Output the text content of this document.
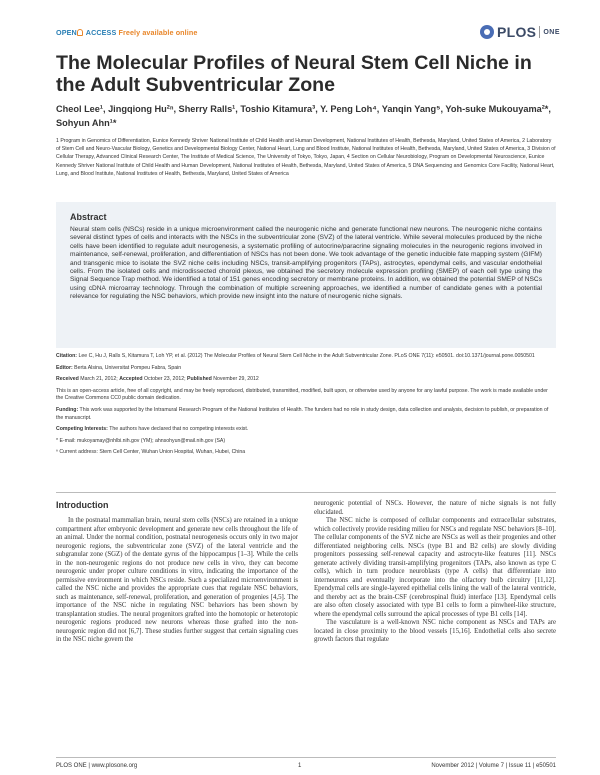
OPEN ACCESS Freely available online	PLOS ONE
The Molecular Profiles of Neural Stem Cell Niche in the Adult Subventricular Zone
Cheol Lee¹, Jingqiong Hu²ⁿ, Sherry Ralls¹, Toshio Kitamura³, Y. Peng Loh⁴, Yanqin Yang⁵, Yoh-suke Mukouyama²*, Sohyun Ahn¹*
1 Program in Genomics of Differentiation, Eunice Kennedy Shriver National Institute of Child Health and Human Development, National Institutes of Health, Bethesda, Maryland, United States of America, 2 Laboratory of Stem Cell and Neuro-Vascular Biology, Genetics and Developmental Biology Center, National Heart, Lung and Blood Institute, National Institutes of Health, Bethesda, Maryland, United States of America, 3 Division of Cellular Therapy, Advanced Clinical Research Center, The Institute of Medical Science, The University of Tokyo, Tokyo, Japan, 4 Section on Cellular Neurobiology, Program on Developmental Neuroscience, Eunice Kennedy Shriver National Institute of Child Health and Human Development, National Institutes of Health, Bethesda, Maryland, United States of America, 5 DNA Sequencing and Genomics Core Facility, National Heart, Lung, and Blood Institute, National Institutes of Health, Bethesda, Maryland, United States of America
Abstract

Neural stem cells (NSCs) reside in a unique microenvironment called the neurogenic niche and generate functional new neurons. The neurogenic niche contains several distinct types of cells and interacts with the NSCs in the subventricular zone (SVZ) of the lateral ventricle. While several molecules produced by the niche cells have been identified to regulate adult neurogenesis, a systematic profiling of autocrine/paracrine signaling molecules in the neurogenic regions involved in maintenance, self-renewal, proliferation, and differentiation of NSCs has not been done. We took advantage of the genetic inducible fate mapping system (GIFM) and transgenic mice to isolate the SVZ niche cells including NSCs, transit-amplifying progenitors (TAPs), astrocytes, ependymal cells, and vascular endothelial cells. From the isolated cells and microdissected choroid plexus, we obtained the secretory molecule expression profiling (SMEP) of each cell type using the Signal Sequence Trap method. We identified a total of 151 genes encoding secretory or membrane proteins. In addition, we obtained the potential SMEP of NSCs using cDNA microarray technology. Through the combination of multiple screening approaches, we identified a number of candidate genes with a potential relevance for regulating the NSC behaviors, which provide new insight into the nature of neurogenic niche signals.

Citation: Lee C, Hu J, Ralls S, Kitamura T, Loh YP, et al. (2012) The Molecular Profiles of Neural Stem Cell Niche in the Adult Subventricular Zone. PLoS ONE 7(11): e50501. doi:10.1371/journal.pone.0050501

Editor: Berta Alsina, Universitat Pompeu Fabra, Spain

Received March 21, 2012; Accepted October 23, 2012; Published November 29, 2012

This is an open-access article, free of all copyright, and may be freely reproduced, distributed, transmitted, modified, built upon, or otherwise used by anyone for any lawful purpose. The work is made available under the Creative Commons CC0 public domain dedication.

Funding: This work was supported by the Intramural Research Program of the National Institutes of Health. The funders had no role in study design, data collection and analysis, decision to publish, or preparation of the manuscript.

Competing Interests: The authors have declared that no competing interests exist.

* E-mail: mukoyamay@nhlbi.nih.gov (YM); ahnsohyun@mail.nih.gov (SA)

ⁿ Current address: Stem Cell Center, Wuhan Union Hospital, Wuhan, Hubei, China

Introduction

In the postnatal mammalian brain, neural stem cells (NSCs) are retained in a unique compartment after embryonic development and generate new cells throughout the life of an animal. Under the normal condition, postnatal neurogenesis occurs only in two major neurogenic regions, the subventricular zone (SVZ) of the lateral ventricle and the subgranular zone (SGZ) of the dentate gyrus of the hippocampus [1–3]. While the cells in the non-neurogenic regions do not produce new cells in vivo, they can become neurogenic under proper culture conditions in vitro, indicating the importance of the permissive environment in which NSCs reside. Such a specialized microenvironment is called the NSC niche and provides the appropriate cues that regulate NSC behaviors, such as maintenance, self-renewal, proliferation, and generation of progenies [4,5]. The importance of the NSC niche in regulating NSC behaviors has been shown by transplantation studies. The neural progenitors grafted into the homotopic or heterotopic neurogenic regions produced new neurons whereas those grafted into the non-neurogenic region did not [6,7]. These studies further suggest that certain signaling cues in the NSC niche govern the

neurogenic potential of NSCs. However, the nature of niche signals is not fully elucidated.

The NSC niche is composed of cellular components and extracellular substrates, which collectively provide residing milieu for NSCs and regulate NSC behaviors [8–10]. The cellular components of the SVZ niche are NSCs as well as their progenies and other differentiated neighboring cells. NSCs (type B1 and B2 cells) are slowly dividing progenitors possessing self-renewal capacity and astrocyte-like features [11]. NSCs generate actively dividing transit-amplifying progenitors (TAPs, also known as type C cells), which in turn produce neuroblasts (type A cells) that differentiate into interneurons and eventually incorporate into the olfactory bulb circuitry [11,12]. Ependymal cells are single-layered epithelial cells lining the wall of the lateral ventricle, and thereby act as the brain-CSF (cerebrospinal fluid) interface [13]. Ependymal cells are also often closely associated with type B1 cells to form a pinwheel-like structure, where the ependymal cells surround the apical processes of type B1 cells [14].

The vasculature is a well-known NSC niche component as NSCs and TAPs are located in close proximity to the blood vessels [15,16]. Endothelial cells also secrete growth factors that regulate

PLOS ONE | www.plosone.org	1	November 2012 | Volume 7 | Issue 11 | e50501
